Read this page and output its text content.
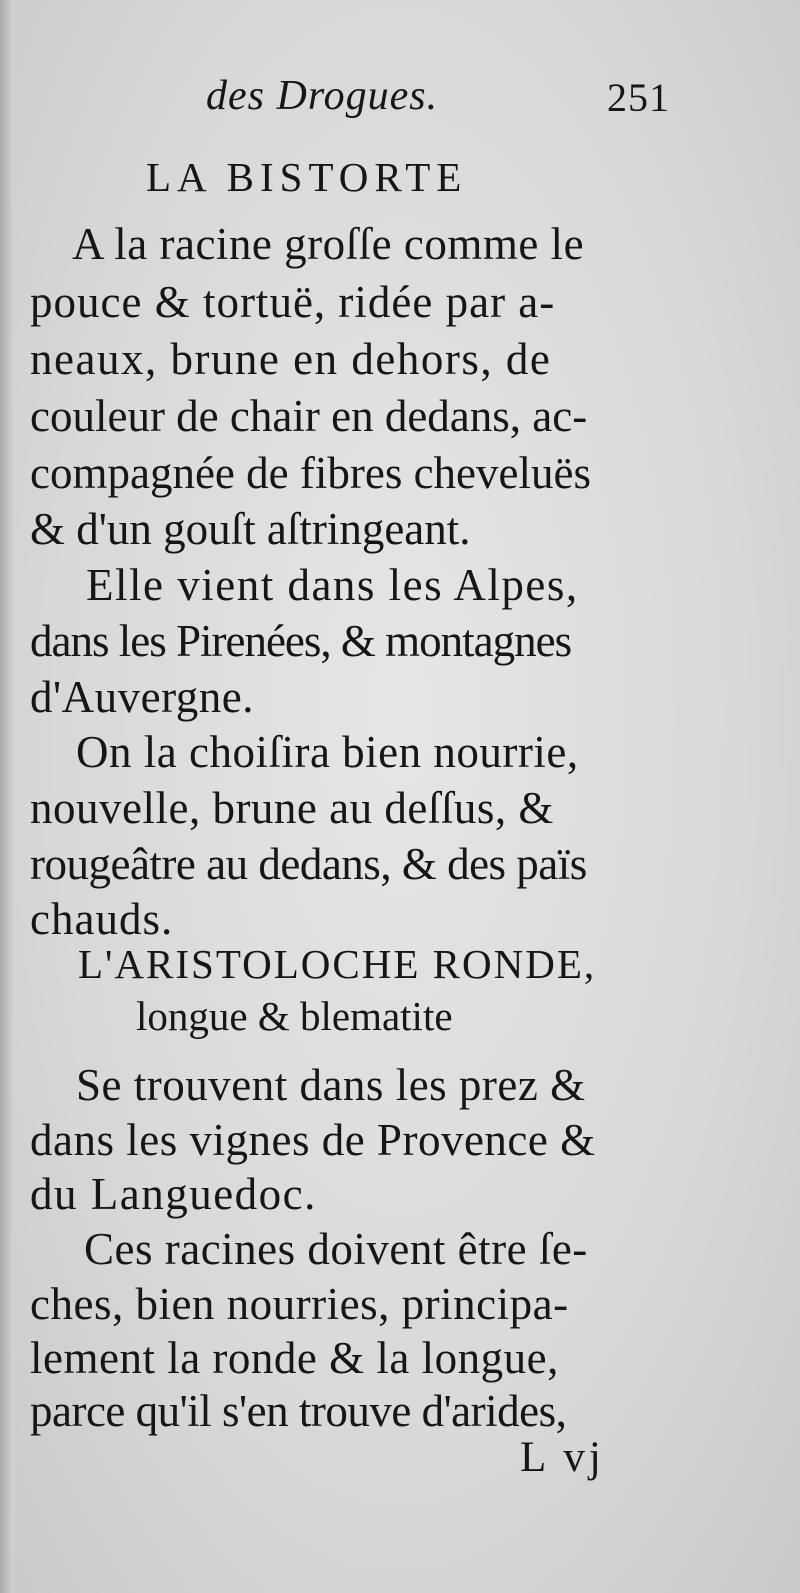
des Drogues.	251
LA BISTORTE
A la racine groſſe comme le
pouce & tortuë, ridée par a-
neaux, brune en dehors, de
couleur de chair en dedans, ac-
compagnée de fibres cheveluës
& d'un gouſt aſtringeant.
Elle vient dans les Alpes,
dans les Pirenées, & montagnes
d'Auvergne.
On la choiſira bien nourrie,
nouvelle, brune au deſſus, &
rougeâtre au dedans, & des païs
chauds.
L'ARISTOLOCHE RONDE,
longue & blematite
Se trouvent dans les prez &
dans les vignes de Provence &
du Languedoc.
Ces racines doivent être ſe-
ches, bien nourries, principa-
lement la ronde & la longue,
parce qu'il s'en trouve d'arides,
L vj
